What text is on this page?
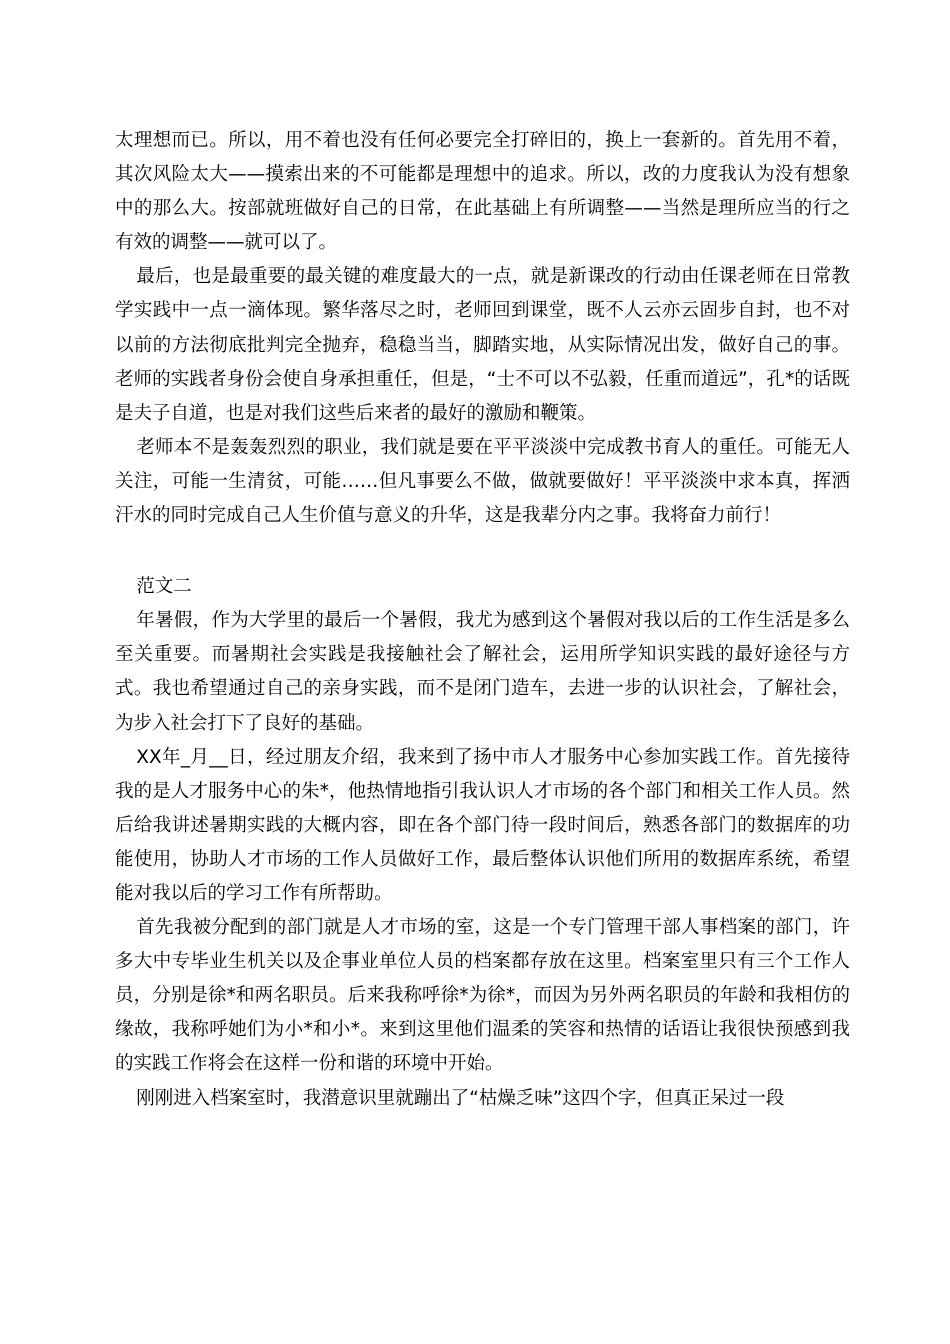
太理想而已。所以，用不着也没有任何必要完全打碎旧的，换上一套新的。首先用不着，其次风险太大——摸索出来的不可能都是理想中的追求。所以，改的力度我认为没有想象中的那么大。按部就班做好自己的日常，在此基础上有所调整——当然是理所应当的行之有效的调整——就可以了。

最后，也是最重要的最关键的难度最大的一点，就是新课改的行动由任课老师在日常教学实践中一点一滴体现。繁华落尽之时，老师回到课堂，既不人云亦云固步自封，也不对以前的方法彻底批判完全抛弃，稳稳当当，脚踏实地，从实际情况出发，做好自己的事。老师的实践者身份会使自身承担重任，但是，“士不可以不弘毅，任重而道远”，孔*的话既是夫子自道，也是对我们这些后来者的最好的激励和鞭策。

老师本不是轰轰烈烈的职业，我们就是要在平平淡淡中完成教书育人的重任。可能无人关注，可能一生清贫，可能……但凡事要么不做，做就要做好！平平淡淡中求本真，挥洒汗水的同时完成自己人生价值与意义的升华，这是我辈分内之事。我将奋力前行！

范文二

年暑假，作为大学里的最后一个暑假，我尤为感到这个暑假对我以后的工作生活是多么至关重要。而暑期社会实践是我接触社会了解社会，运用所学知识实践的最好途径与方式。我也希望通过自己的亲身实践，而不是闭门造车，去进一步的认识社会，了解社会，为步入社会打下了良好的基础。

XX年_月__日，经过朋友介绍，我来到了扬中市人才服务中心参加实践工作。首先接待我的是人才服务中心的朱*，他热情地指引我认识人才市场的各个部门和相关工作人员。然后给我讲述暑期实践的大概内容，即在各个部门待一段时间后，熟悉各部门的数据库的功能使用，协助人才市场的工作人员做好工作，最后整体认识他们所用的数据库系统，希望能对我以后的学习工作有所帮助。

首先我被分配到的部门就是人才市场的室，这是一个专门管理干部人事档案的部门，许多大中专毕业生机关以及企事业单位人员的档案都存放在这里。档案室里只有三个工作人员，分别是徐*和两名职员。后来我称呼徐*为徐*，而因为另外两名职员的年龄和我相仿的缘故，我称呼她们为小*和小*。来到这里他们温柔的笑容和热情的话语让我很快预感到我的实践工作将会在这样一份和谐的环境中开始。

刚刚进入档案室时，我潜意识里就蹦出了“枯燥乏味”这四个字，但真正呆过一段
